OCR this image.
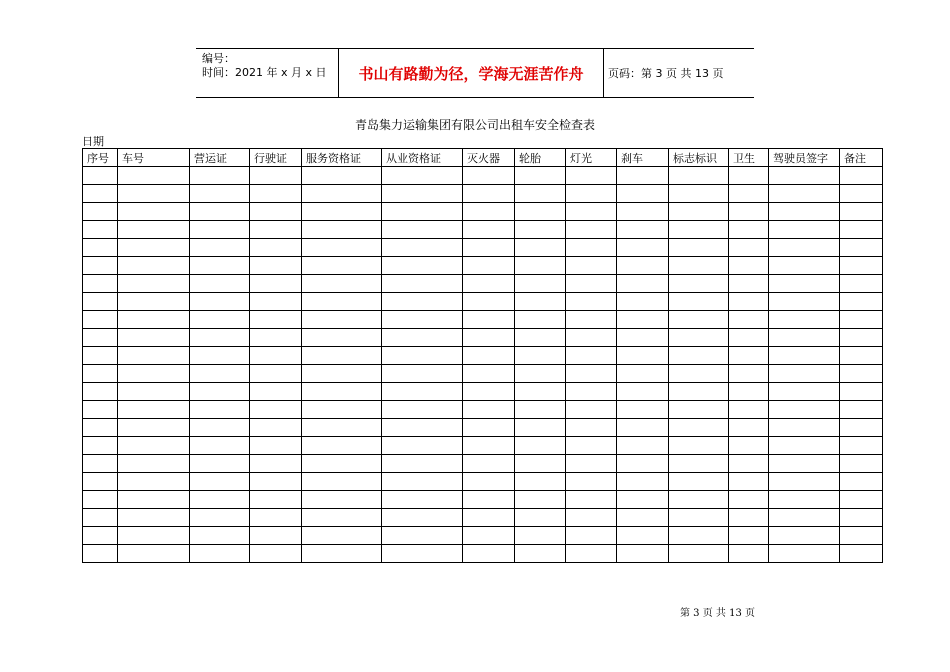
编号：
时间：2021 年 x 月 x 日	书山有路勤为径，学海无涯苦作舟	页码：第 3 页 共 13 页
青岛集力运输集团有限公司出租车安全检查表
日期
序号	车号	营运证	行驶证	服务资格证	从业资格证	灭火器	轮胎	灯光	刹车	标志标识	卫生	驾驶员签字	备注

第 3 页 共 13 页
